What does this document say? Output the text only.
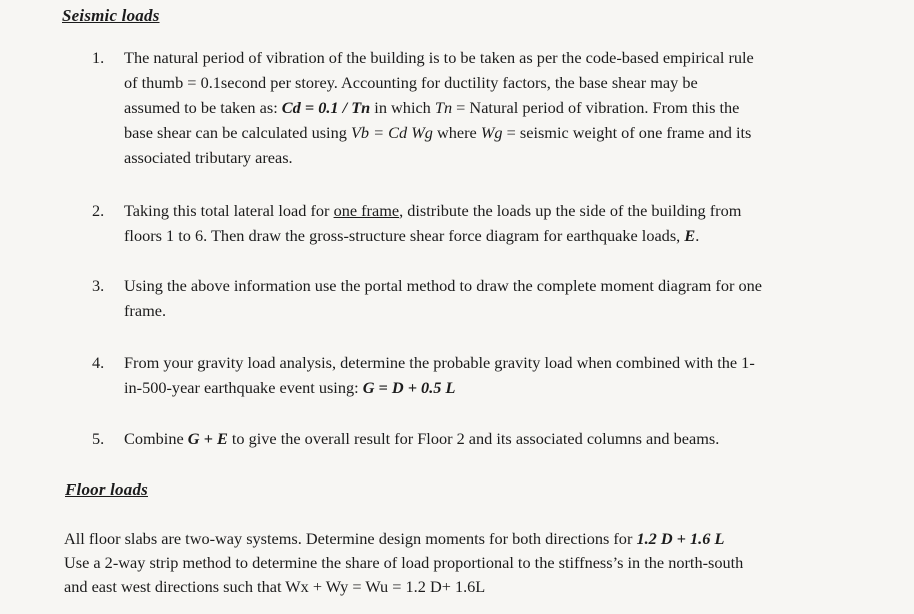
Seismic loads
1.	The natural period of vibration of the building is to be taken as per the code-based empirical rule
of thumb = 0.1second per storey. Accounting for ductility factors, the base shear may be
assumed to be taken as: Cd = 0.1 / Tn in which Tn = Natural period of vibration. From this the
base shear can be calculated using Vb = Cd Wg where Wg = seismic weight of one frame and its
associated tributary areas.
2.	Taking this total lateral load for one frame, distribute the loads up the side of the building from
floors 1 to 6. Then draw the gross-structure shear force diagram for earthquake loads, E.
3.	Using the above information use the portal method to draw the complete moment diagram for one
frame.
4.	From your gravity load analysis, determine the probable gravity load when combined with the 1-
in-500-year earthquake event using: G = D + 0.5 L
5.	Combine G + E to give the overall result for Floor 2 and its associated columns and beams.
Floor loads
All floor slabs are two-way systems. Determine design moments for both directions for 1.2 D + 1.6 L
Use a 2-way strip method to determine the share of load proportional to the stiffness’s in the north-south
and east west directions such that Wx + Wy = Wu = 1.2 D+ 1.6L
